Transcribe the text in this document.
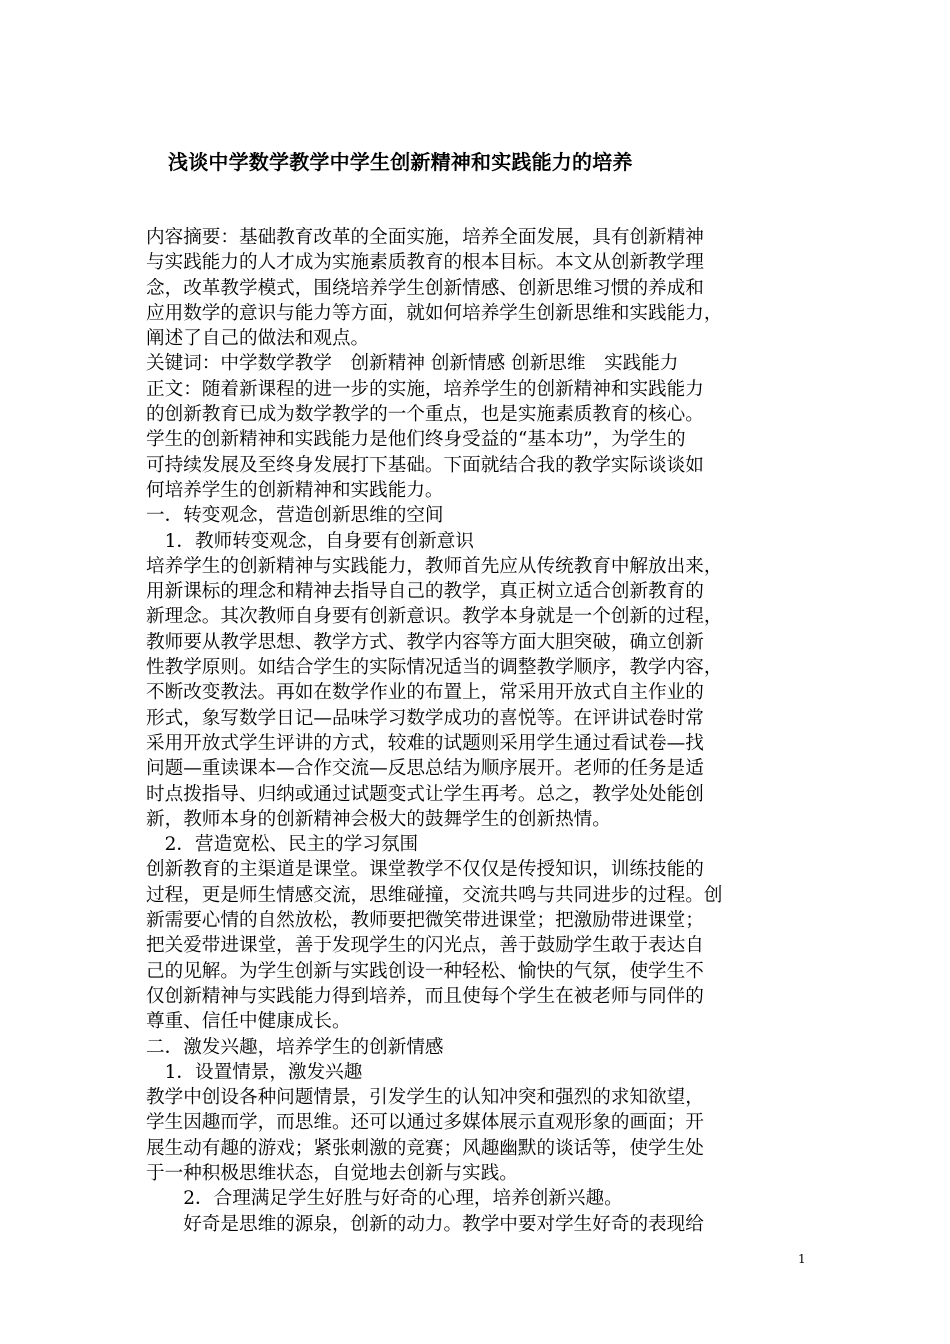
浅谈中学数学教学中学生创新精神和实践能力的培养
内容摘要：基础教育改革的全面实施，培养全面发展，具有创新精神
与实践能力的人才成为实施素质教育的根本目标。本文从创新教学理
念，改革教学模式，围绕培养学生创新情感、创新思维习惯的养成和
应用数学的意识与能力等方面，就如何培养学生创新思维和实践能力，
阐述了自己的做法和观点。
关键词：中学数学教学　创新精神 创新情感 创新思维　实践能力
正文：随着新课程的进一步的实施，培养学生的创新精神和实践能力
的创新教育已成为数学教学的一个重点，也是实施素质教育的核心。
学生的创新精神和实践能力是他们终身受益的“基本功”，为学生的
可持续发展及至终身发展打下基础。下面就结合我的教学实际谈谈如
何培养学生的创新精神和实践能力。
一．转变观念，营造创新思维的空间
　1．教师转变观念，自身要有创新意识
培养学生的创新精神与实践能力，教师首先应从传统教育中解放出来，
用新课标的理念和精神去指导自己的教学，真正树立适合创新教育的
新理念。其次教师自身要有创新意识。教学本身就是一个创新的过程，
教师要从教学思想、教学方式、教学内容等方面大胆突破，确立创新
性教学原则。如结合学生的实际情况适当的调整教学顺序，教学内容，
不断改变教法。再如在数学作业的布置上，常采用开放式自主作业的
形式，象写数学日记—品味学习数学成功的喜悦等。在评讲试卷时常
采用开放式学生评讲的方式，较难的试题则采用学生通过看试卷—找
问题—重读课本—合作交流—反思总结为顺序展开。老师的任务是适
时点拨指导、归纳或通过试题变式让学生再考。总之，教学处处能创
新，教师本身的创新精神会极大的鼓舞学生的创新热情。
　2．营造宽松、民主的学习氛围
创新教育的主渠道是课堂。课堂教学不仅仅是传授知识，训练技能的
过程，更是师生情感交流，思维碰撞，交流共鸣与共同进步的过程。创
新需要心情的自然放松，教师要把微笑带进课堂；把激励带进课堂；
把关爱带进课堂，善于发现学生的闪光点，善于鼓励学生敢于表达自
己的见解。为学生创新与实践创设一种轻松、愉快的气氛，使学生不
仅创新精神与实践能力得到培养，而且使每个学生在被老师与同伴的
尊重、信任中健康成长。
二．激发兴趣，培养学生的创新情感
　1．设置情景，激发兴趣
教学中创设各种问题情景，引发学生的认知冲突和强烈的求知欲望，
学生因趣而学，而思维。还可以通过多媒体展示直观形象的画面；开
展生动有趣的游戏；紧张刺激的竞赛；风趣幽默的谈话等，使学生处
于一种积极思维状态，自觉地去创新与实践。
　　2．合理满足学生好胜与好奇的心理，培养创新兴趣。
　　好奇是思维的源泉，创新的动力。教学中要对学生好奇的表现给
1
